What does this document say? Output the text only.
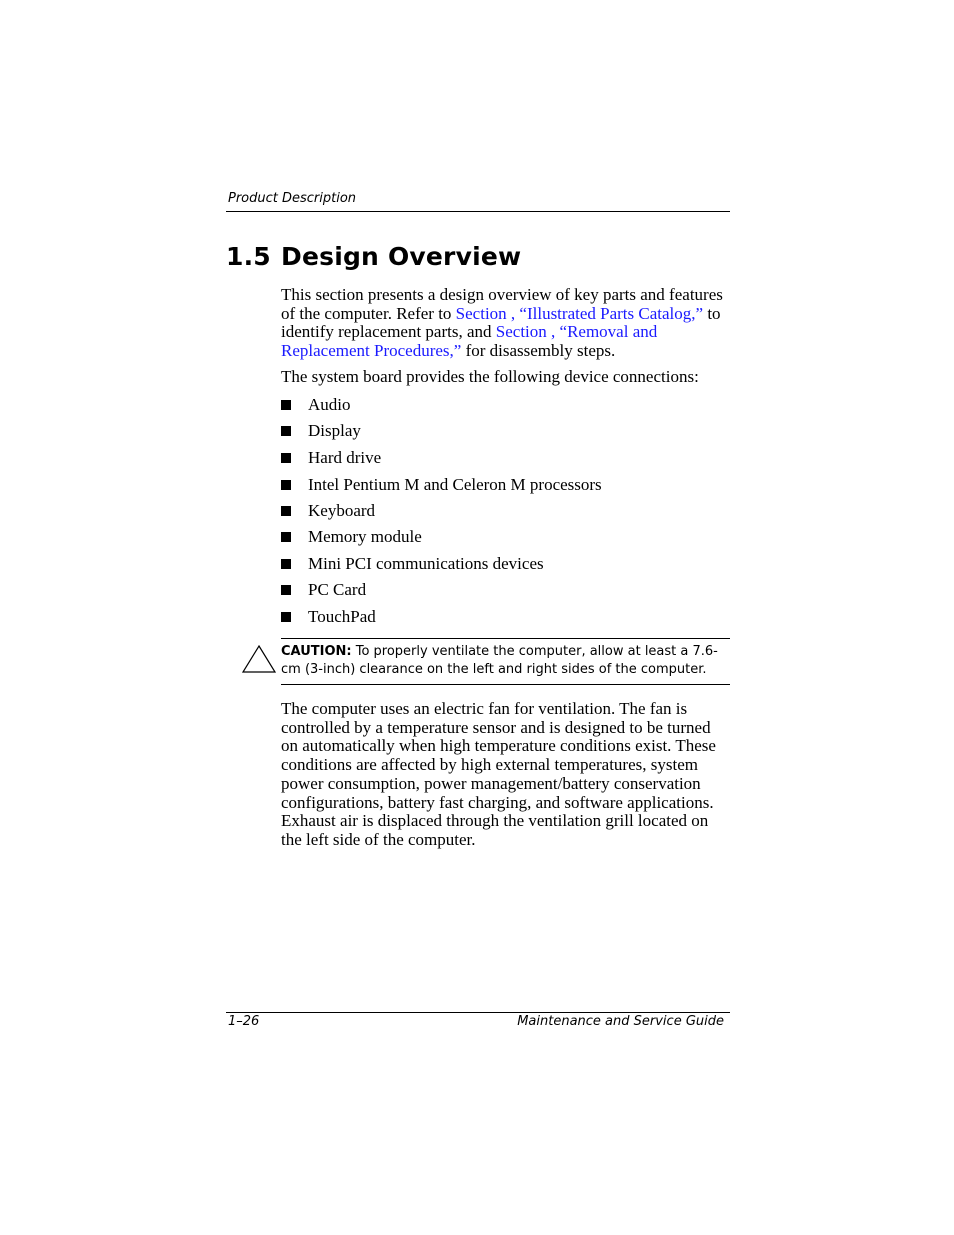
Product Description
1.5 Design Overview

This section presents a design overview of key parts and features of the computer. Refer to Section , “Illustrated Parts Catalog,” to identify replacement parts, and Section , “Removal and Replacement Procedures,” for disassembly steps.

The system board provides the following device connections:

Audio
Display
Hard drive
Intel Pentium M and Celeron M processors
Keyboard
Memory module
Mini PCI communications devices
PC Card
TouchPad
CAUTION: To properly ventilate the computer, allow at least a 7.6-cm (3-inch) clearance on the left and right sides of the computer.

The computer uses an electric fan for ventilation. The fan is controlled by a temperature sensor and is designed to be turned on automatically when high temperature conditions exist. These conditions are affected by high external temperatures, system power consumption, power management/battery conservation configurations, battery fast charging, and software applications. Exhaust air is displaced through the ventilation grill located on the left side of the computer.

1–26	Maintenance and Service Guide
